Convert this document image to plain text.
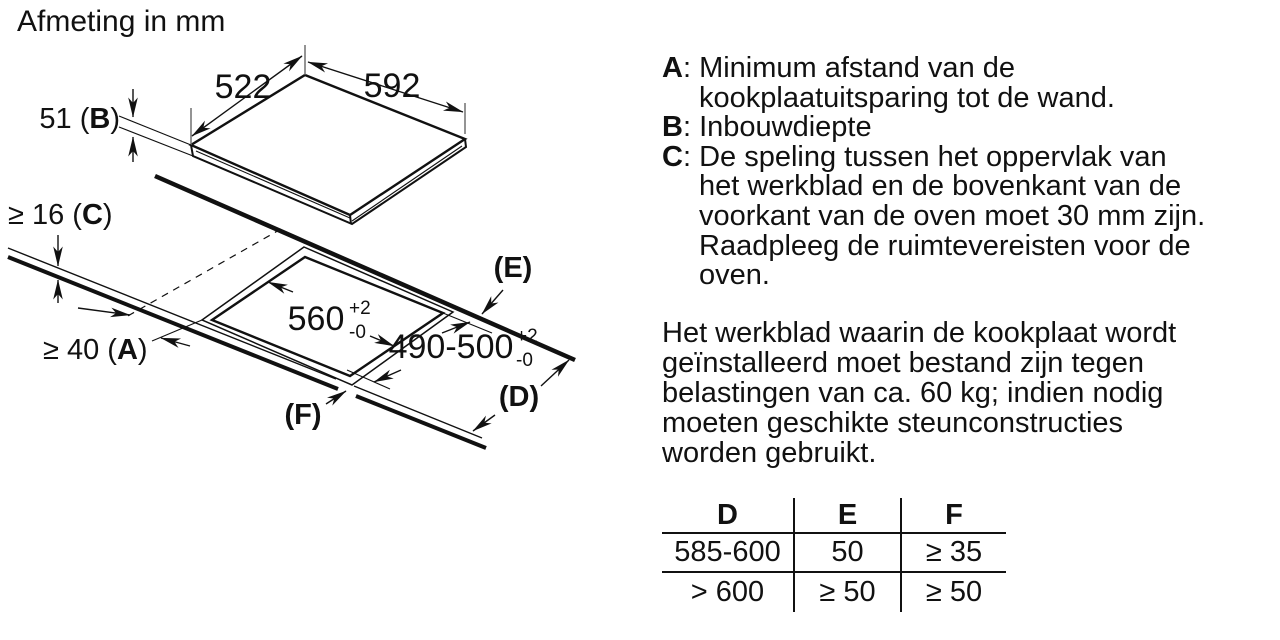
Afmeting in mm
522	592
51 (B)
≥ 16 (C)
≥ 40 (A)
560 +2
-0 490-500 +2
-0
(E)
(D)
(F)
A: Minimum afstand van de kookplaatuitsparing tot de wand.
B: Inbouwdiepte
C: De speling tussen het oppervlak van het werkblad en de bovenkant van de voorkant van de oven moet 30 mm zijn. Raadpleeg de ruimtevereisten voor de oven.
Het werkblad waarin de kookplaat wordt geïnstalleerd moet bestand zijn tegen belastingen van ca. 60 kg; indien nodig moeten geschikte steunconstructies worden gebruikt.
D	E	F
585-600	50	≥ 35
> 600	≥ 50	≥ 50
